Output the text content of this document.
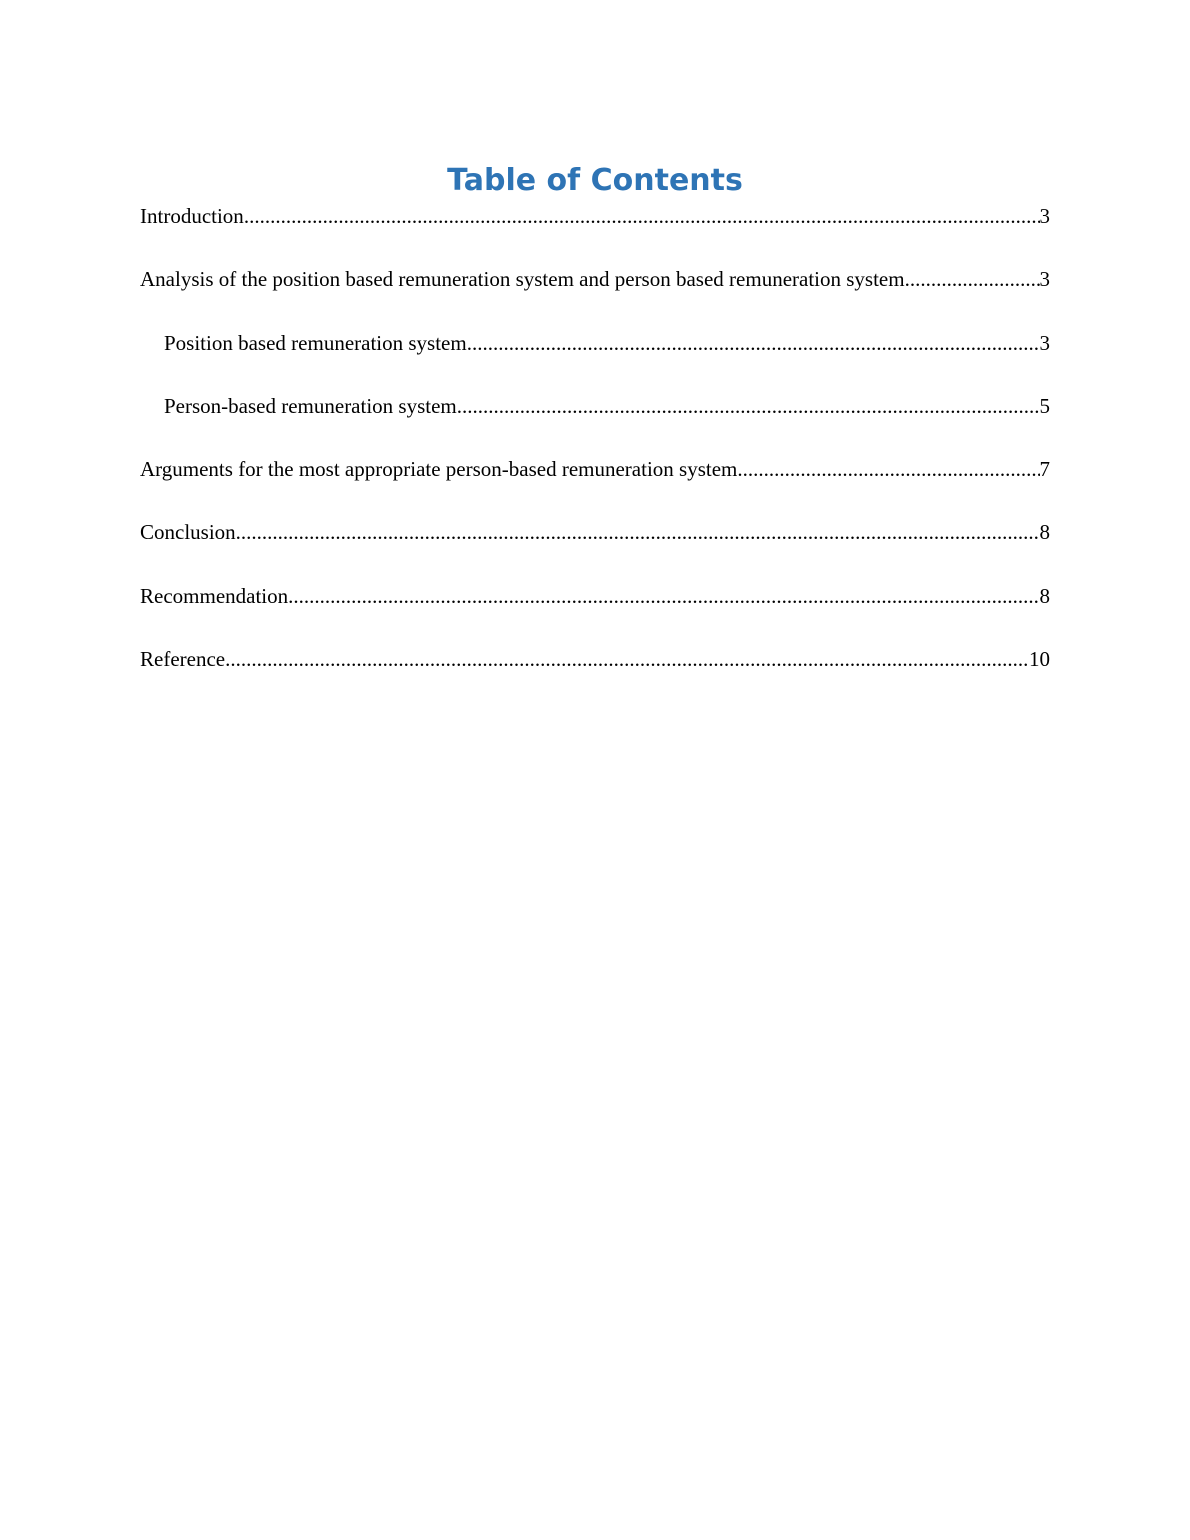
Table of Contents
Introduction .....	3
Analysis of the position based remuneration system and person based remuneration system .....	3
Position based remuneration system .....	3
Person-based remuneration system .....	5
Arguments for the most appropriate person-based remuneration system .....	7
Conclusion .....	8
Recommendation .....	8
Reference .....	10
